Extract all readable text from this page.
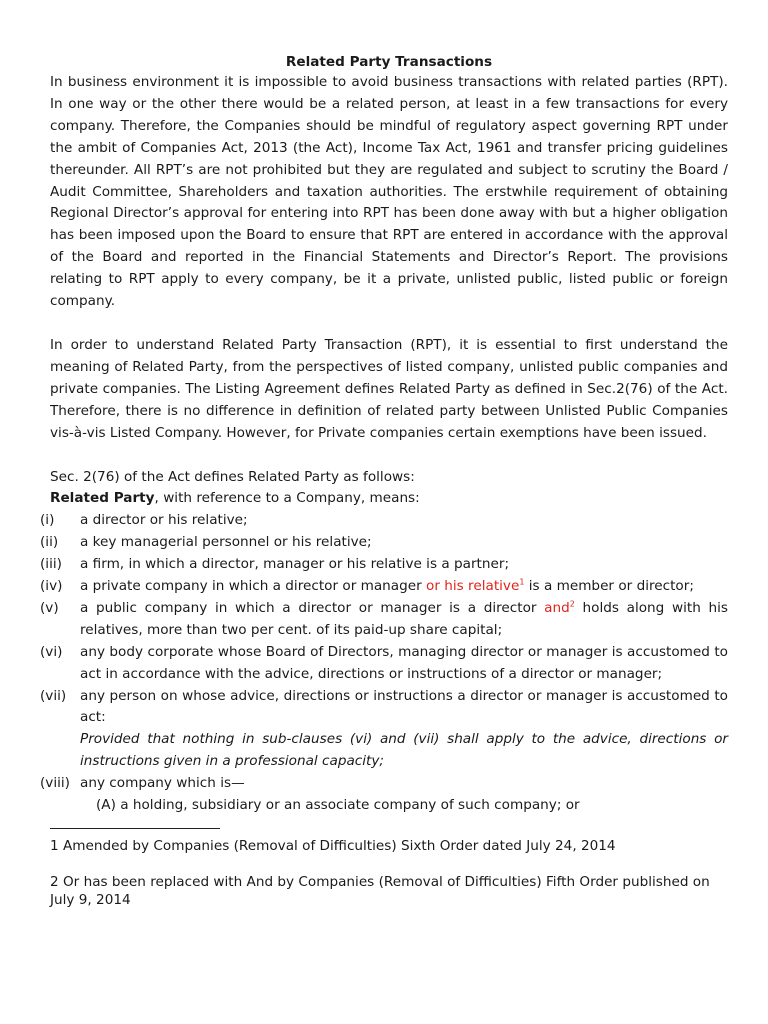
Related Party Transactions

In business environment it is impossible to avoid business transactions with related parties (RPT). In one way or the other there would be a related person, at least in a few transactions for every company. Therefore, the Companies should be mindful of regulatory aspect governing RPT under the ambit of Companies Act, 2013 (the Act), Income Tax Act, 1961 and transfer pricing guidelines thereunder. All RPT’s are not prohibited but they are regulated and subject to scrutiny the Board / Audit Committee, Shareholders and taxation authorities. The erstwhile requirement of obtaining Regional Director’s approval for entering into RPT has been done away with but a higher obligation has been imposed upon the Board to ensure that RPT are entered in accordance with the approval of the Board and reported in the Financial Statements and Director’s Report. The provisions relating to RPT apply to every company, be it a private, unlisted public, listed public or foreign company.

In order to understand Related Party Transaction (RPT), it is essential to first understand the meaning of Related Party, from the perspectives of listed company, unlisted public companies and private companies. The Listing Agreement defines Related Party as defined in Sec.2(76) of the Act. Therefore, there is no difference in definition of related party between Unlisted Public Companies vis-à-vis Listed Company. However, for Private companies certain exemptions have been issued.

Sec. 2(76) of the Act defines Related Party as follows:

Related Party, with reference to a Company, means:

(i) a director or his relative;
(ii) a key managerial personnel or his relative;
(iii) a firm, in which a director, manager or his relative is a partner;
(iv) a private company in which a director or manager or his relative$^1$ is a member or director;
(v) a public company in which a director or manager is a director and$^2$ holds along with his relatives, more than two per cent. of its paid-up share capital;
(vi) any body corporate whose Board of Directors, managing director or manager is accustomed to act in accordance with the advice, directions or instructions of a director or manager;
(vii) any person on whose advice, directions or instructions a director or manager is accustomed to act:
Provided that nothing in sub-clauses (vi) and (vii) shall apply to the advice, directions or instructions given in a professional capacity;
(viii) any company which is—
(A) a holding, subsidiary or an associate company of such company; or

1 Amended by Companies (Removal of Difficulties) Sixth Order dated July 24, 2014

2 Or has been replaced with And by Companies (Removal of Difficulties) Fifth Order published on July 9, 2014
